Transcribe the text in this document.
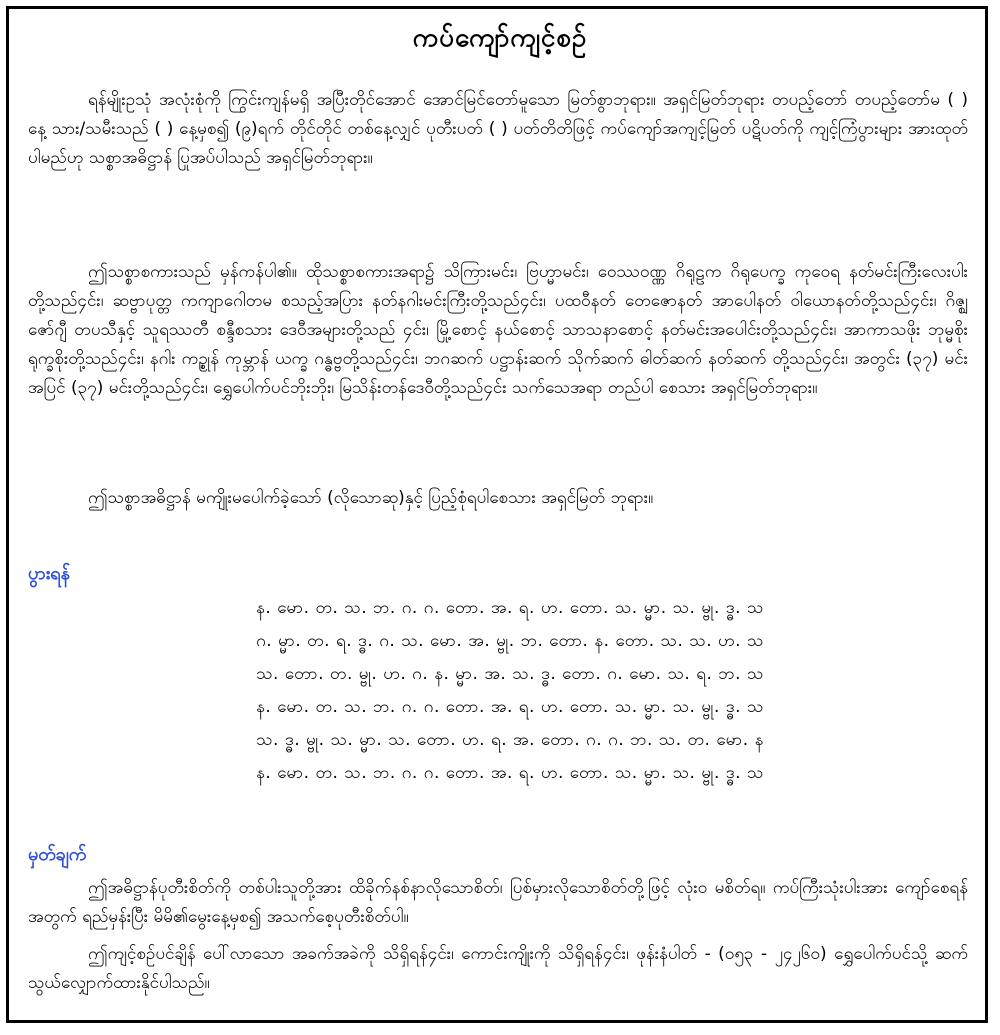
ကပ်ကျော်ကျင့်စဉ်
ရန်မျိုးဥသုံ အလုံးစုံကို ကြွင်းကျန်မရှိ အပြီးတိုင်အောင် အောင်မြင်တော်မူသော မြတ်စွာဘုရား။ အရှင်မြတ်ဘုရား တပည့်တော် တပည့်တော်မ ( ) နေ့ သား/သမီးသည် ( ) နေ့မှစ၍ (၉)ရက် တိုင်တိုင် တစ်နေ့လျှင် ပုတီးပတ် ( ) ပတ်တိတိဖြင့် ကပ်ကျော်အကျင့်မြတ် ပဋိပတ်ကို ကျင့်ကြံပွားများ အားထုတ်ပါမည်ဟု သစ္စာအဓိဋ္ဌာန် ပြုအပ်ပါသည် အရှင်မြတ်ဘုရား။
ဤသစ္စာစကားသည် မှန်ကန်ပါ၏။ ထိုသစ္စာစကားအရာ၌ သိကြားမင်း၊ ဗြဟ္မာမင်း၊ ဝေဿဝဏ္ဏ ဂိရုဠက ဂိရုပေက္ခ ကုဝေရ နတ်မင်းကြီးလေးပါးတို့သည်၄င်း၊ ဆဗ္ဗာပုတ္တ ကကျာဂေါတမ စသည့်အပြား နတ်နဂါးမင်းကြီးတို့သည်၄င်း၊ ပထဝီနတ် တေဇောနတ် အာပေါနတ် ဝါယောနတ်တို့သည်၄င်း၊ ဂိဇ္ဈ ဇော်ဂျီ တပသီနှင့် သူရဿတီ စန္ဒီစသား ဒေဝီအများတို့သည် ၄င်း၊ မြို့စောင့် နယ်စောင့် သာသနာစောင့် နတ်မင်းအပေါင်းတို့သည်၄င်း၊ အာကာသဖိုး ဘုမ္မစိုး ရုက္ခစိုးတို့သည်၄င်း၊ နဂါး ကဥ္စုန် ကုမ္ဘာန် ယက္ခ ဂန္ဓဗ္ဗတို့သည်၄င်း၊ ဘဂဆက် ပဋ္ဌာန်းဆက် သိုက်ဆက် ဓါတ်ဆက် နတ်ဆက် တို့သည်၄င်း၊ အတွင်း (၃၇) မင်း အပြင် (၃၇) မင်းတို့သည်၄င်း၊ ရွှေပေါက်ပင်ဘိုးဘိုး၊ မြသိန်းတန်ဒေဝီတို့သည်၄င်း သက်သေအရာ တည်ပါ စေသား အရှင်မြတ်ဘုရား။
ဤသစ္စာအဓိဋ္ဌာန် မကျိုးမပေါက်ခဲ့သော် (လိုသောဆု)နှင့် ပြည့်စုံရပါစေသား အရှင်မြတ် ဘုရား။
ပွားရန်
န. မော. တ. သ. ဘ. ဂ. ဂ. တော. အ. ရ. ဟ. တော. သ. မ္မာ. သ. မ္ဗု. ဒ္ဓ. သ
ဂ. မ္မာ. တ. ရ. ဒ္ဓ. ဂ. သ. မော. အ. မ္ဗု. ဘ. တော. န. တော. သ. သ. ဟ. သ
သ. တော. တ. မ္ဗု. ဟ. ဂ. န. မ္မာ. အ. သ. ဒ္ဓ. တော. ဂ. မော. သ. ရ. ဘ. သ
န. မော. တ. သ. ဘ. ဂ. ဂ. တော. အ. ရ. ဟ. တော. သ. မ္မာ. သ. မ္ဗု. ဒ္ဓ. သ
သ. ဒ္ဓ. မ္ဗု. သ. မ္မာ. သ. တော. ဟ. ရ. အ. တော. ဂ. ဂ. ဘ. သ. တ. မော. န
န. မော. တ. သ. ဘ. ဂ. ဂ. တော. အ. ရ. ဟ. တော. သ. မ္မာ. သ. မ္ဗု. ဒ္ဓ. သ
မှတ်ချက်
ဤအဓိဋ္ဌာန်ပုတီးစိတ်ကို တစ်ပါးသူတို့အား ထိခိုက်နစ်နာလိုသောစိတ်၊ ပြစ်မှားလိုသောစိတ်တို့ဖြင့် လုံးဝ မစိတ်ရ။ ကပ်ကြီးသုံးပါးအား ကျော်စေရန်အတွက် ရည်မှန်းပြီး မိမိ၏မွေးနေ့မှစ၍ အသက်စေ့ပုတီးစိတ်ပါ။
ဤကျင့်စဉ်ပင်ချိန် ပေါ်လာသော အခက်အခဲကို သိရှိရန်၄င်း၊ ကောင်းကျိုးကို သိရှိရန်၄င်း၊ ဖုန်းနံပါတ် - (၀၅၃ - ၂၄၂၆၀) ရွှေပေါက်ပင်သို့ ဆက်သွယ်လျှောက်ထားနိုင်ပါသည်။
